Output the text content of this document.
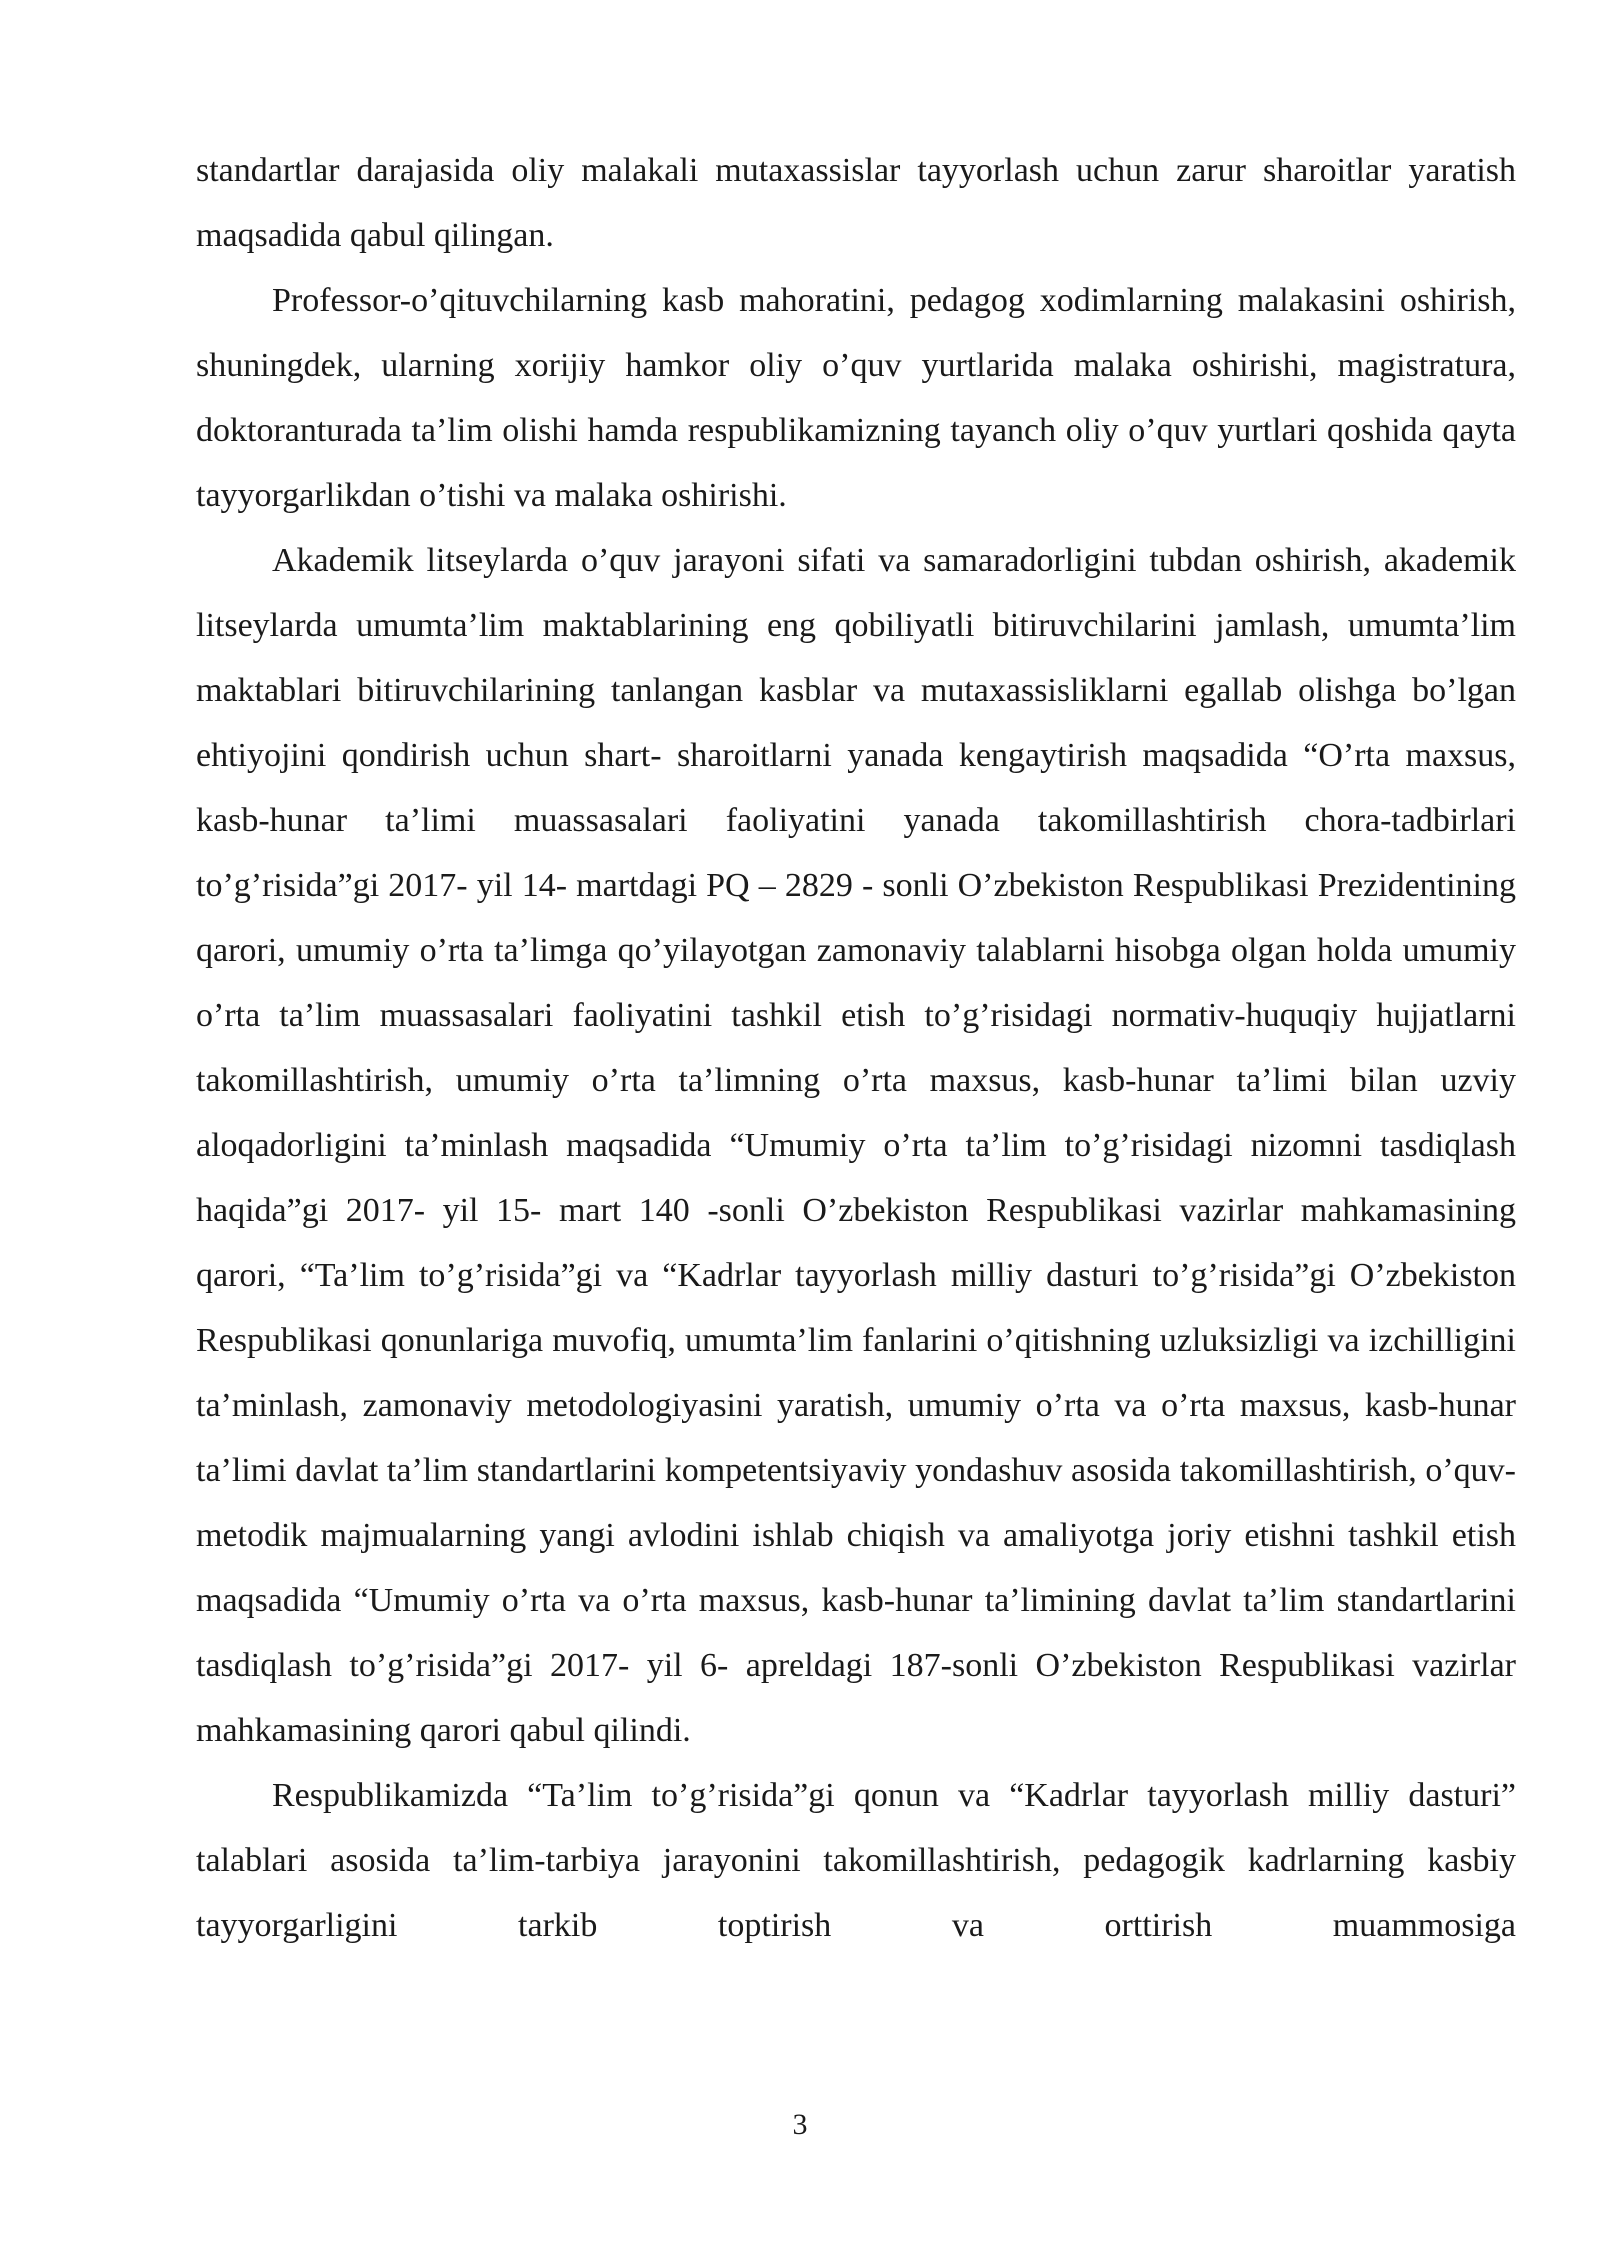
standartlar darajasida oliy malakali mutaxassislar tayyorlash uchun zarur sharoitlar yaratish maqsadida qabul qilingan.

Professor-o’qituvchilarning kasb mahoratini, pedagog xodimlarning malakasini oshirish, shuningdek, ularning xorijiy hamkor oliy o’quv yurtlarida malaka oshirishi, magistratura, doktoranturada ta’lim olishi hamda respublikamizning tayanch oliy o’quv yurtlari qoshida qayta tayyorgarlikdan o’tishi va malaka oshirishi.

Akademik litseylarda o’quv jarayoni sifati va samaradorligini tubdan oshirish, akademik litseylarda umumta’lim maktablarining eng qobiliyatli bitiruvchilarini jamlash, umumta’lim maktablari bitiruvchilarining tanlangan kasblar va mutaxassisliklarni egallab olishga bo’lgan ehtiyojini qondirish uchun shart- sharoitlarni yanada kengaytirish maqsadida “O’rta maxsus, kasb-hunar ta’limi muassasalari faoliyatini yanada takomillashtirish chora-tadbirlari to’g’risida”gi 2017- yil 14- martdagi PQ – 2829 - sonli O’zbekiston Respublikasi Prezidentining qarori, umumiy o’rta ta’limga qo’yilayotgan zamonaviy talablarni hisobga olgan holda umumiy o’rta ta’lim muassasalari faoliyatini tashkil etish to’g’risidagi normativ-huquqiy hujjatlarni takomillashtirish, umumiy o’rta ta’limning o’rta maxsus, kasb-hunar ta’limi bilan uzviy aloqadorligini ta’minlash maqsadida “Umumiy o’rta ta’lim to’g’risidagi nizomni tasdiqlash haqida”gi 2017- yil 15- mart 140 -sonli O’zbekiston Respublikasi vazirlar mahkamasining qarori, “Ta’lim to’g’risida”gi va “Kadrlar tayyorlash milliy dasturi to’g’risida”gi O’zbekiston Respublikasi qonunlariga muvofiq, umumta’lim fanlarini o’qitishning uzluksizligi va izchilligini ta’minlash, zamonaviy metodologiyasini yaratish, umumiy o’rta va o’rta maxsus, kasb-hunar ta’limi davlat ta’lim standartlarini kompetentsiyaviy yondashuv asosida takomillashtirish, o’quv-metodik majmualarning yangi avlodini ishlab chiqish va amaliyotga joriy etishni tashkil etish maqsadida “Umumiy o’rta va o’rta maxsus, kasb-hunar ta’limining davlat ta’lim standartlarini tasdiqlash to’g’risida”gi 2017- yil 6- apreldagi 187-sonli O’zbekiston Respublikasi vazirlar mahkamasining qarori qabul qilindi.

Respublikamizda “Ta’lim to’g’risida”gi qonun va “Kadrlar tayyorlash milliy dasturi” talablari asosida ta’lim-tarbiya jarayonini takomillashtirish, pedagogik kadrlarning kasbiy tayyorgarligini tarkib toptirish va orttirish muammosiga

3
